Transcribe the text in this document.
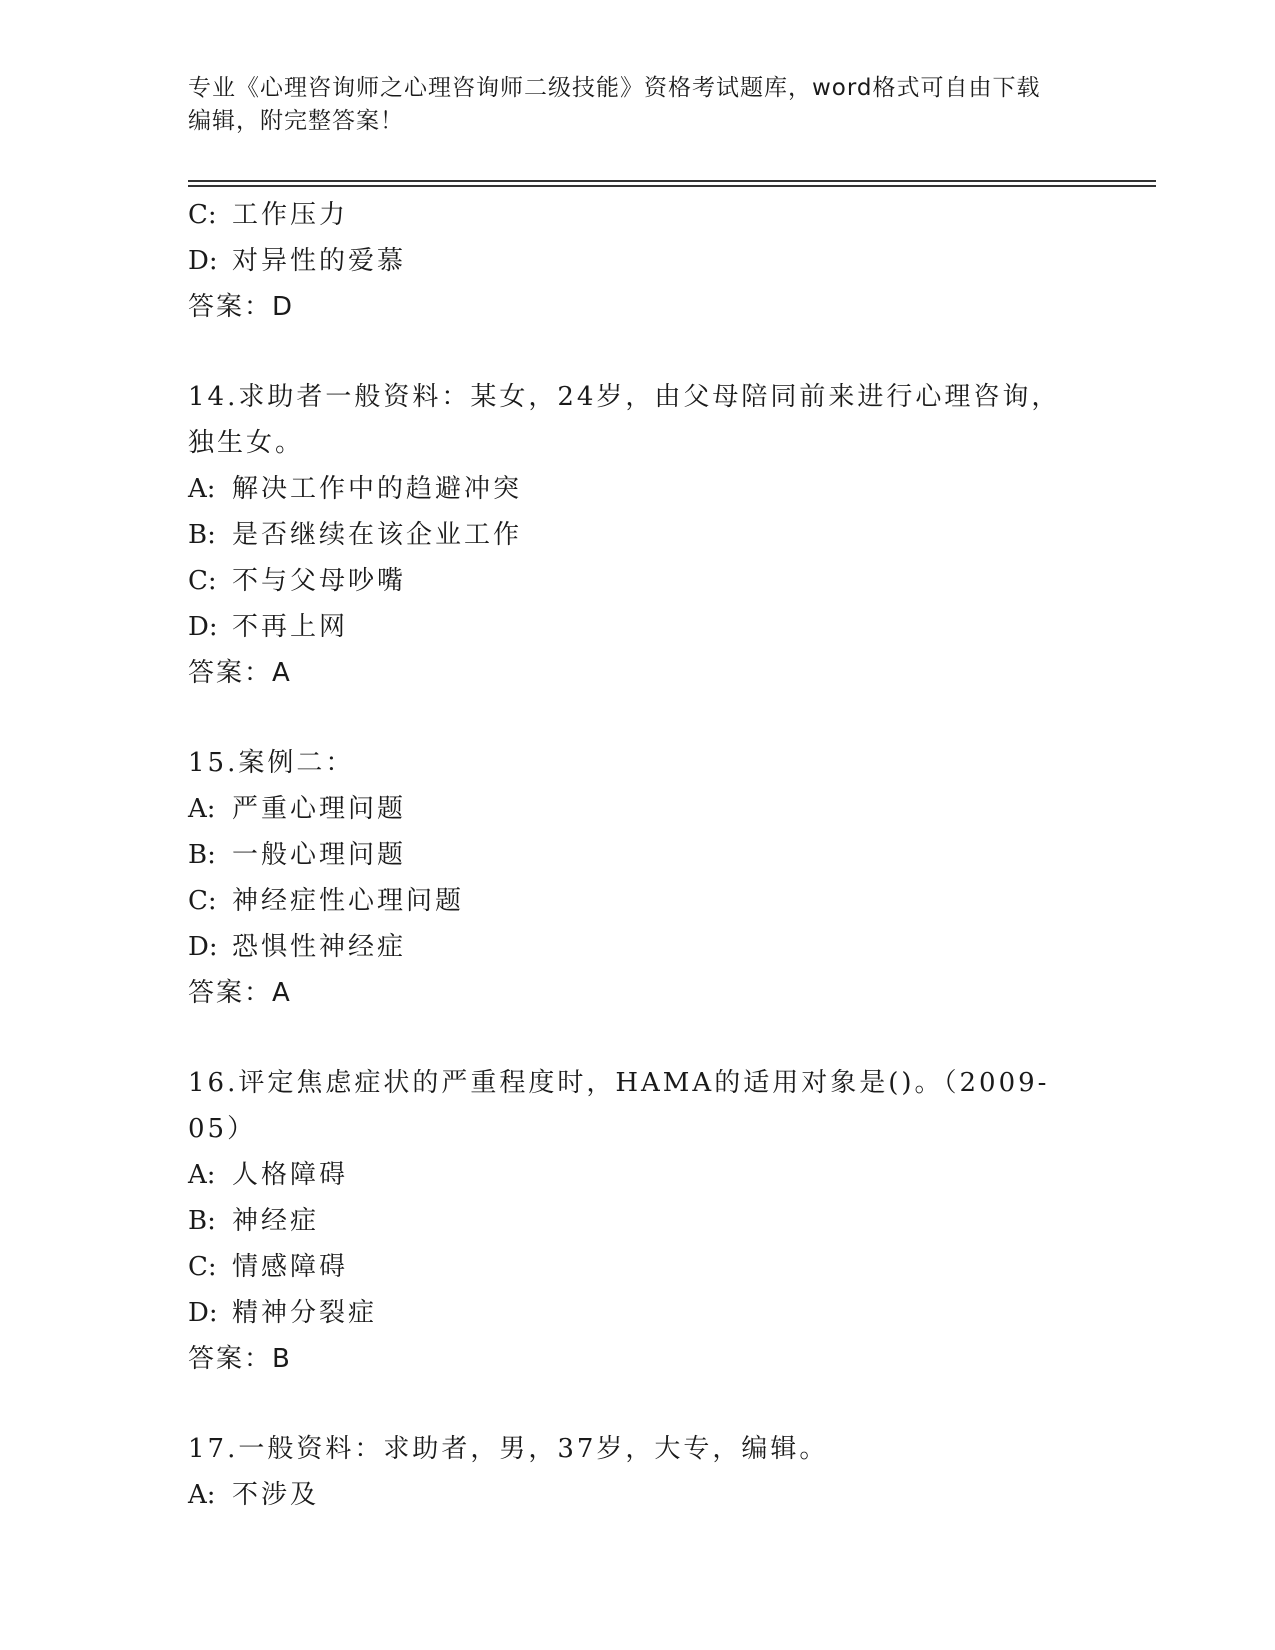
专业《心理咨询师之心理咨询师二级技能》资格考试题库，word格式可自由下载
编辑，附完整答案！
C: 工作压力
D: 对异性的爱慕
答案：D
14.求助者一般资料：某女，24岁，由父母陪同前来进行心理咨询，独生女。
A: 解决工作中的趋避冲突
B: 是否继续在该企业工作
C: 不与父母吵嘴
D: 不再上网
答案：A
15.案例二：
A: 严重心理问题
B: 一般心理问题
C: 神经症性心理问题
D: 恐惧性神经症
答案：A
16.评定焦虑症状的严重程度时，HAMA的适用对象是()。（2009-05）
A: 人格障碍
B: 神经症
C: 情感障碍
D: 精神分裂症
答案：B
17.一般资料：求助者，男，37岁，大专，编辑。
A: 不涉及
